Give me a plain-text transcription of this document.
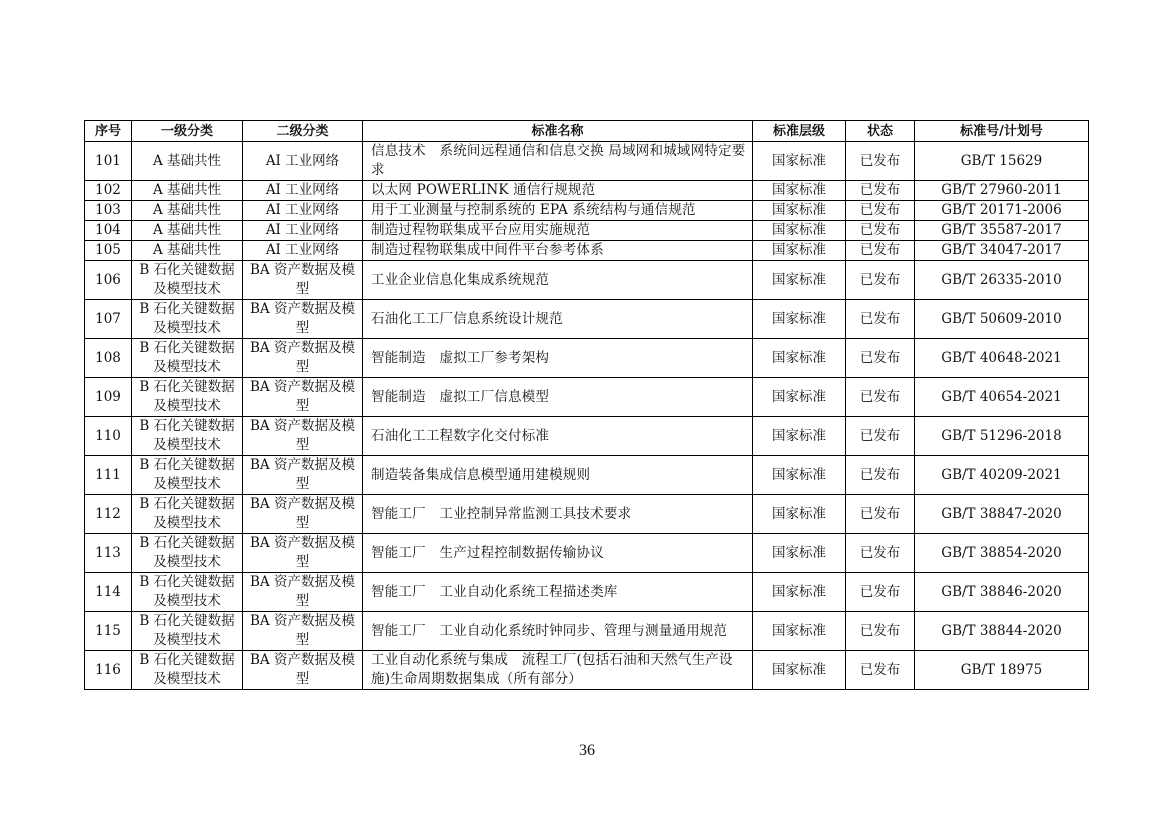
序号	一级分类	二级分类	标准名称	标准层级	状态	标准号/计划号
101	A 基础共性	AI 工业网络	信息技术　系统间远程通信和信息交换 局域网和城域网特定要求	国家标准	已发布	GB/T 15629
102	A 基础共性	AI 工业网络	以太网 POWERLINK 通信行规规范	国家标准	已发布	GB/T 27960-2011
103	A 基础共性	AI 工业网络	用于工业测量与控制系统的 EPA 系统结构与通信规范	国家标准	已发布	GB/T 20171-2006
104	A 基础共性	AI 工业网络	制造过程物联集成平台应用实施规范	国家标准	已发布	GB/T 35587-2017
105	A 基础共性	AI 工业网络	制造过程物联集成中间件平台参考体系	国家标准	已发布	GB/T 34047-2017
106	B 石化关键数据及模型技术	BA 资产数据及模型	工业企业信息化集成系统规范	国家标准	已发布	GB/T 26335-2010
107	B 石化关键数据及模型技术	BA 资产数据及模型	石油化工工厂信息系统设计规范	国家标准	已发布	GB/T 50609-2010
108	B 石化关键数据及模型技术	BA 资产数据及模型	智能制造　虚拟工厂参考架构	国家标准	已发布	GB/T 40648-2021
109	B 石化关键数据及模型技术	BA 资产数据及模型	智能制造　虚拟工厂信息模型	国家标准	已发布	GB/T 40654-2021
110	B 石化关键数据及模型技术	BA 资产数据及模型	石油化工工程数字化交付标准	国家标准	已发布	GB/T 51296-2018
111	B 石化关键数据及模型技术	BA 资产数据及模型	制造装备集成信息模型通用建模规则	国家标准	已发布	GB/T 40209-2021
112	B 石化关键数据及模型技术	BA 资产数据及模型	智能工厂　工业控制异常监测工具技术要求	国家标准	已发布	GB/T 38847-2020
113	B 石化关键数据及模型技术	BA 资产数据及模型	智能工厂　生产过程控制数据传输协议	国家标准	已发布	GB/T 38854-2020
114	B 石化关键数据及模型技术	BA 资产数据及模型	智能工厂　工业自动化系统工程描述类库	国家标准	已发布	GB/T 38846-2020
115	B 石化关键数据及模型技术	BA 资产数据及模型	智能工厂　工业自动化系统时钟同步、管理与测量通用规范	国家标准	已发布	GB/T 38844-2020
116	B 石化关键数据及模型技术	BA 资产数据及模型	工业自动化系统与集成　流程工厂(包括石油和天然气生产设施)生命周期数据集成（所有部分）	国家标准	已发布	GB/T 18975
36
